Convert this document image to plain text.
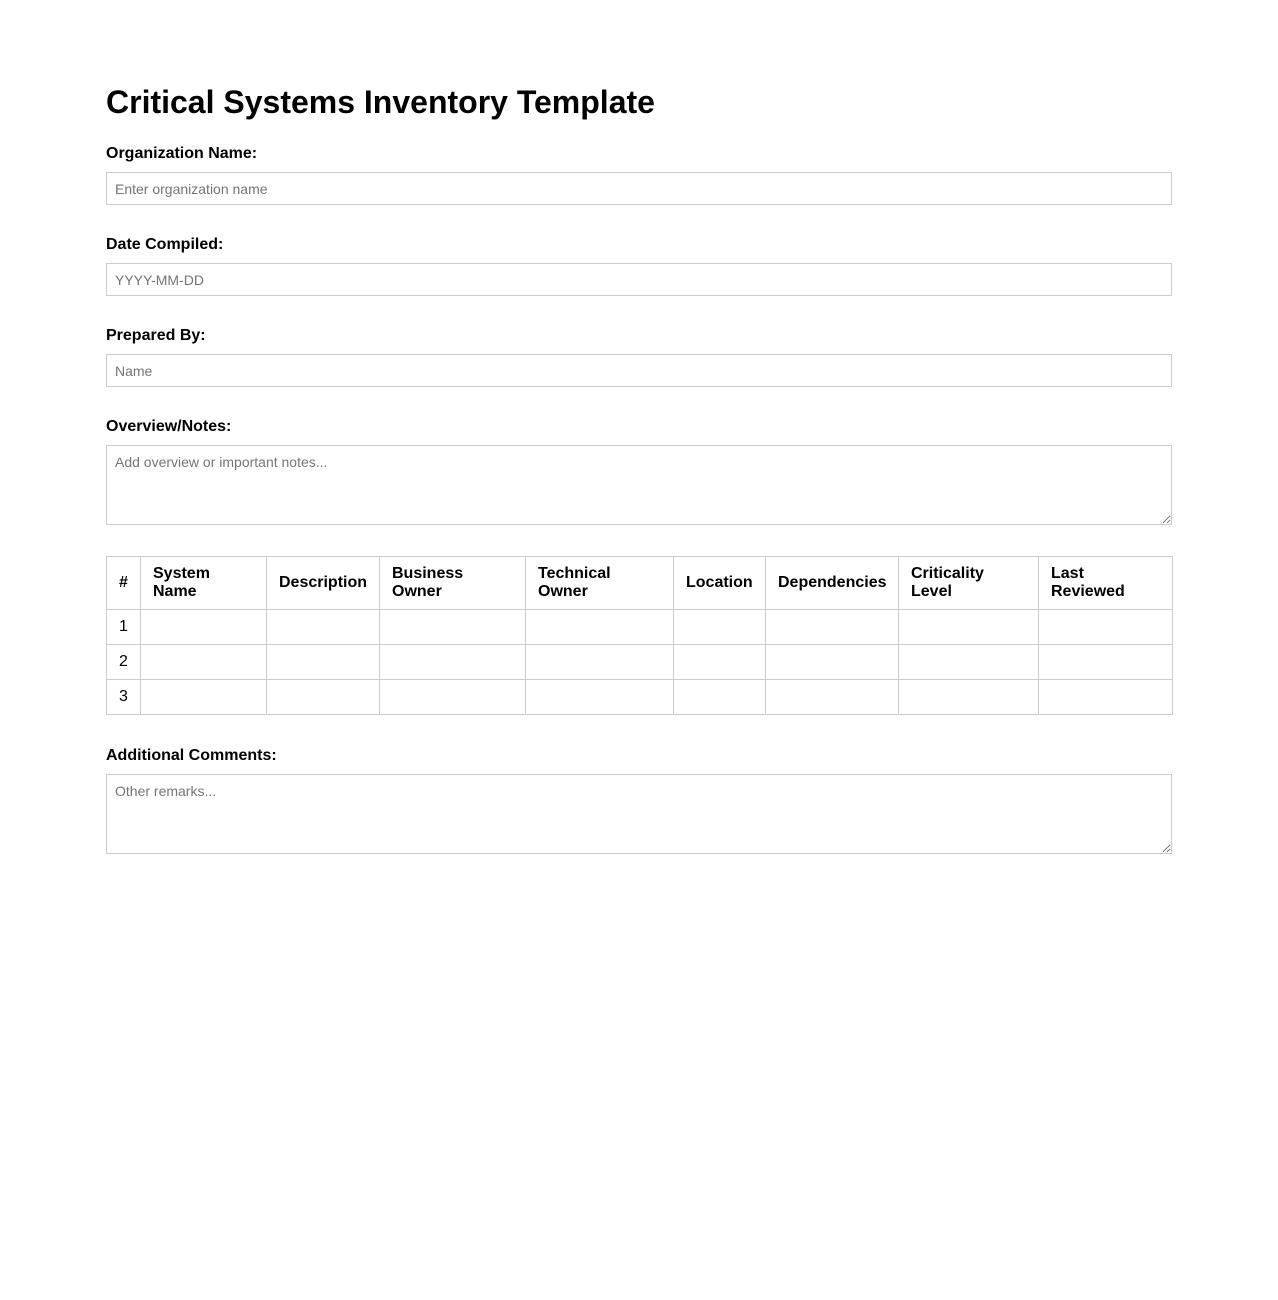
Critical Systems Inventory Template
Organization Name:
Enter organization name
Date Compiled:
YYYY-MM-DD
Prepared By:
Name
Overview/Notes:
Add overview or important notes...
#	System Name	Description	Business Owner	Technical Owner	Location	Dependencies	Criticality Level	Last Reviewed
1								
2								
3								
Additional Comments:
Other remarks...
